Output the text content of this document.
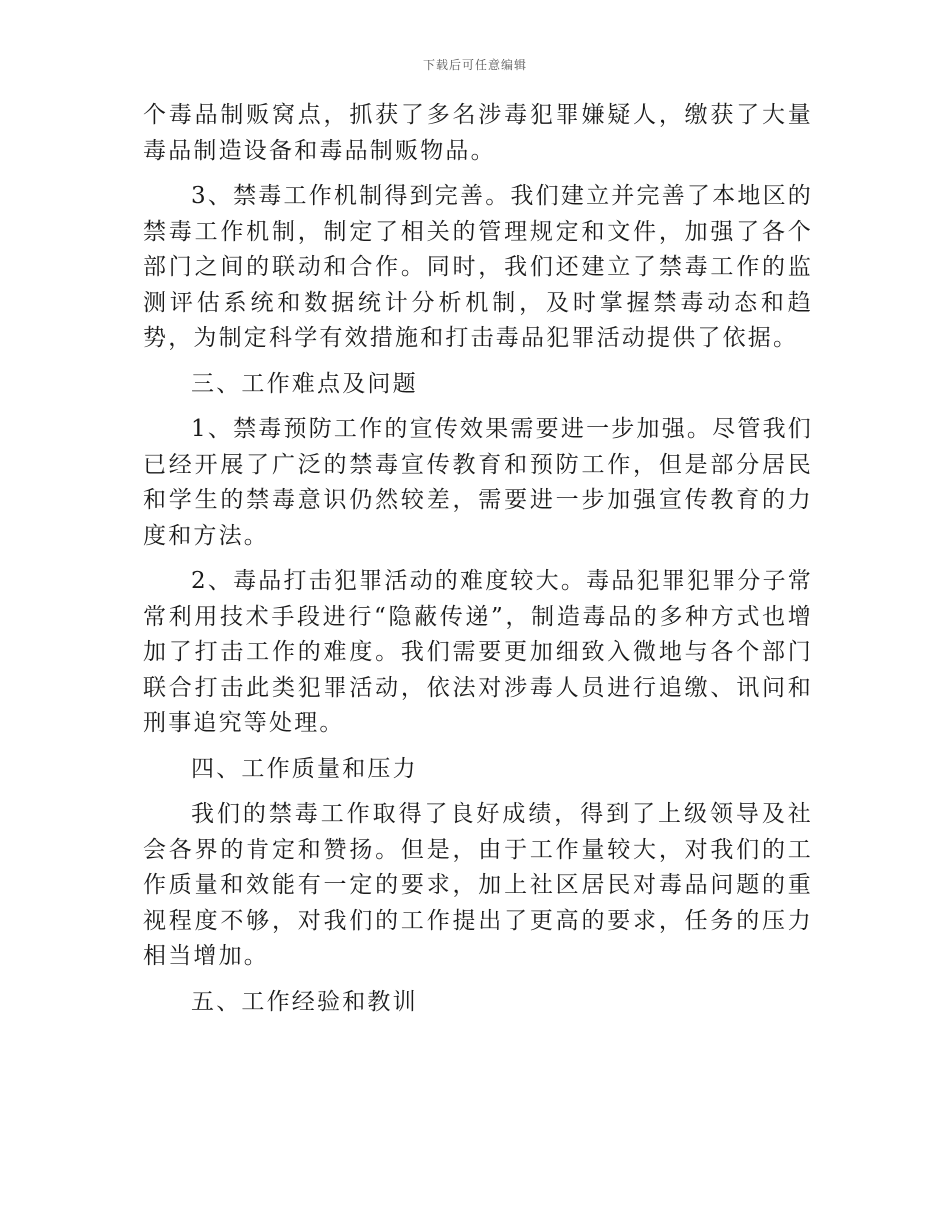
下载后可任意编辑

个毒品制贩窝点，抓获了多名涉毒犯罪嫌疑人，缴获了大量毒品制造设备和毒品制贩物品。

3、禁毒工作机制得到完善。我们建立并完善了本地区的禁毒工作机制，制定了相关的管理规定和文件，加强了各个部门之间的联动和合作。同时，我们还建立了禁毒工作的监测评估系统和数据统计分析机制，及时掌握禁毒动态和趋势，为制定科学有效措施和打击毒品犯罪活动提供了依据。

三、工作难点及问题

1、禁毒预防工作的宣传效果需要进一步加强。尽管我们已经开展了广泛的禁毒宣传教育和预防工作，但是部分居民和学生的禁毒意识仍然较差，需要进一步加强宣传教育的力度和方法。

2、毒品打击犯罪活动的难度较大。毒品犯罪犯罪分子常常利用技术手段进行“隐蔽传递”，制造毒品的多种方式也增加了打击工作的难度。我们需要更加细致入微地与各个部门联合打击此类犯罪活动，依法对涉毒人员进行追缴、讯问和刑事追究等处理。

四、工作质量和压力

我们的禁毒工作取得了良好成绩，得到了上级领导及社会各界的肯定和赞扬。但是，由于工作量较大，对我们的工作质量和效能有一定的要求，加上社区居民对毒品问题的重视程度不够，对我们的工作提出了更高的要求，任务的压力相当增加。

五、工作经验和教训
